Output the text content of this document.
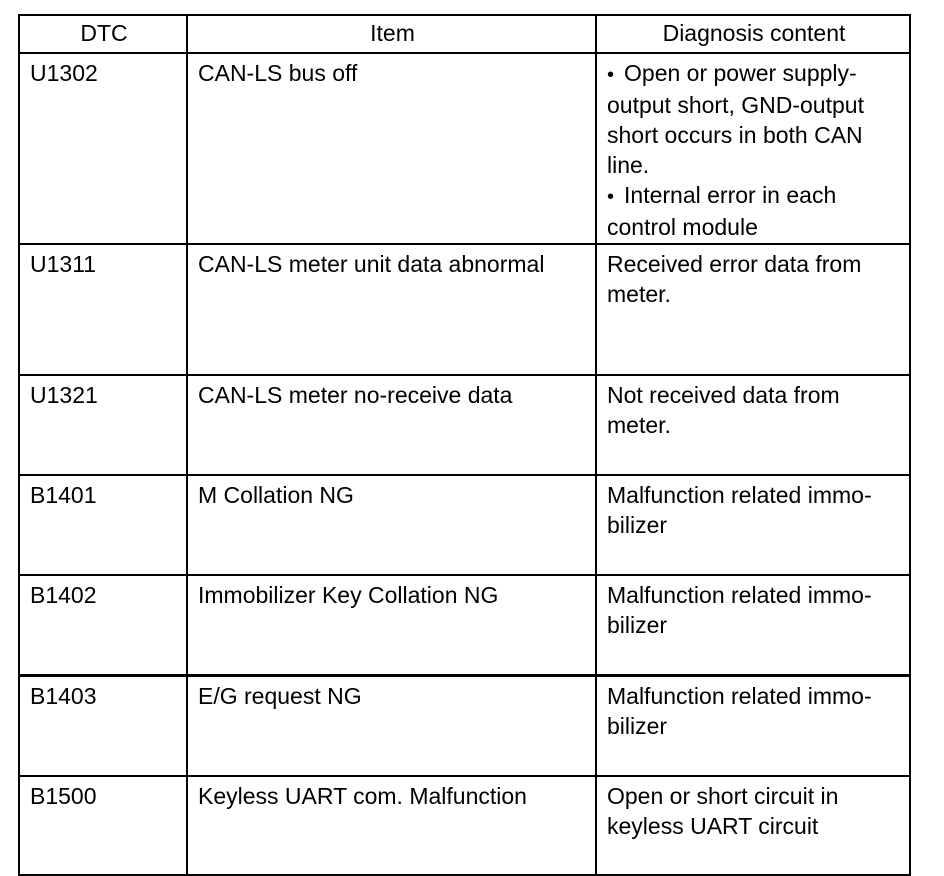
DTC	Item	Diagnosis content
U1302	CAN-LS bus off	• Open or power supply-output short, GND-output short occurs in both CAN line.
• Internal error in each control module

U1311	CAN-LS meter unit data abnormal	Received error data from meter.

U1321	CAN-LS meter no-receive data	Not received data from meter.

B1401	M Collation NG	Malfunction related immo-bilizer

B1402	Immobilizer Key Collation NG	Malfunction related immo-bilizer

B1403	E/G request NG	Malfunction related immo-bilizer

B1500	Keyless UART com. Malfunction	Open or short circuit in keyless UART circuit
